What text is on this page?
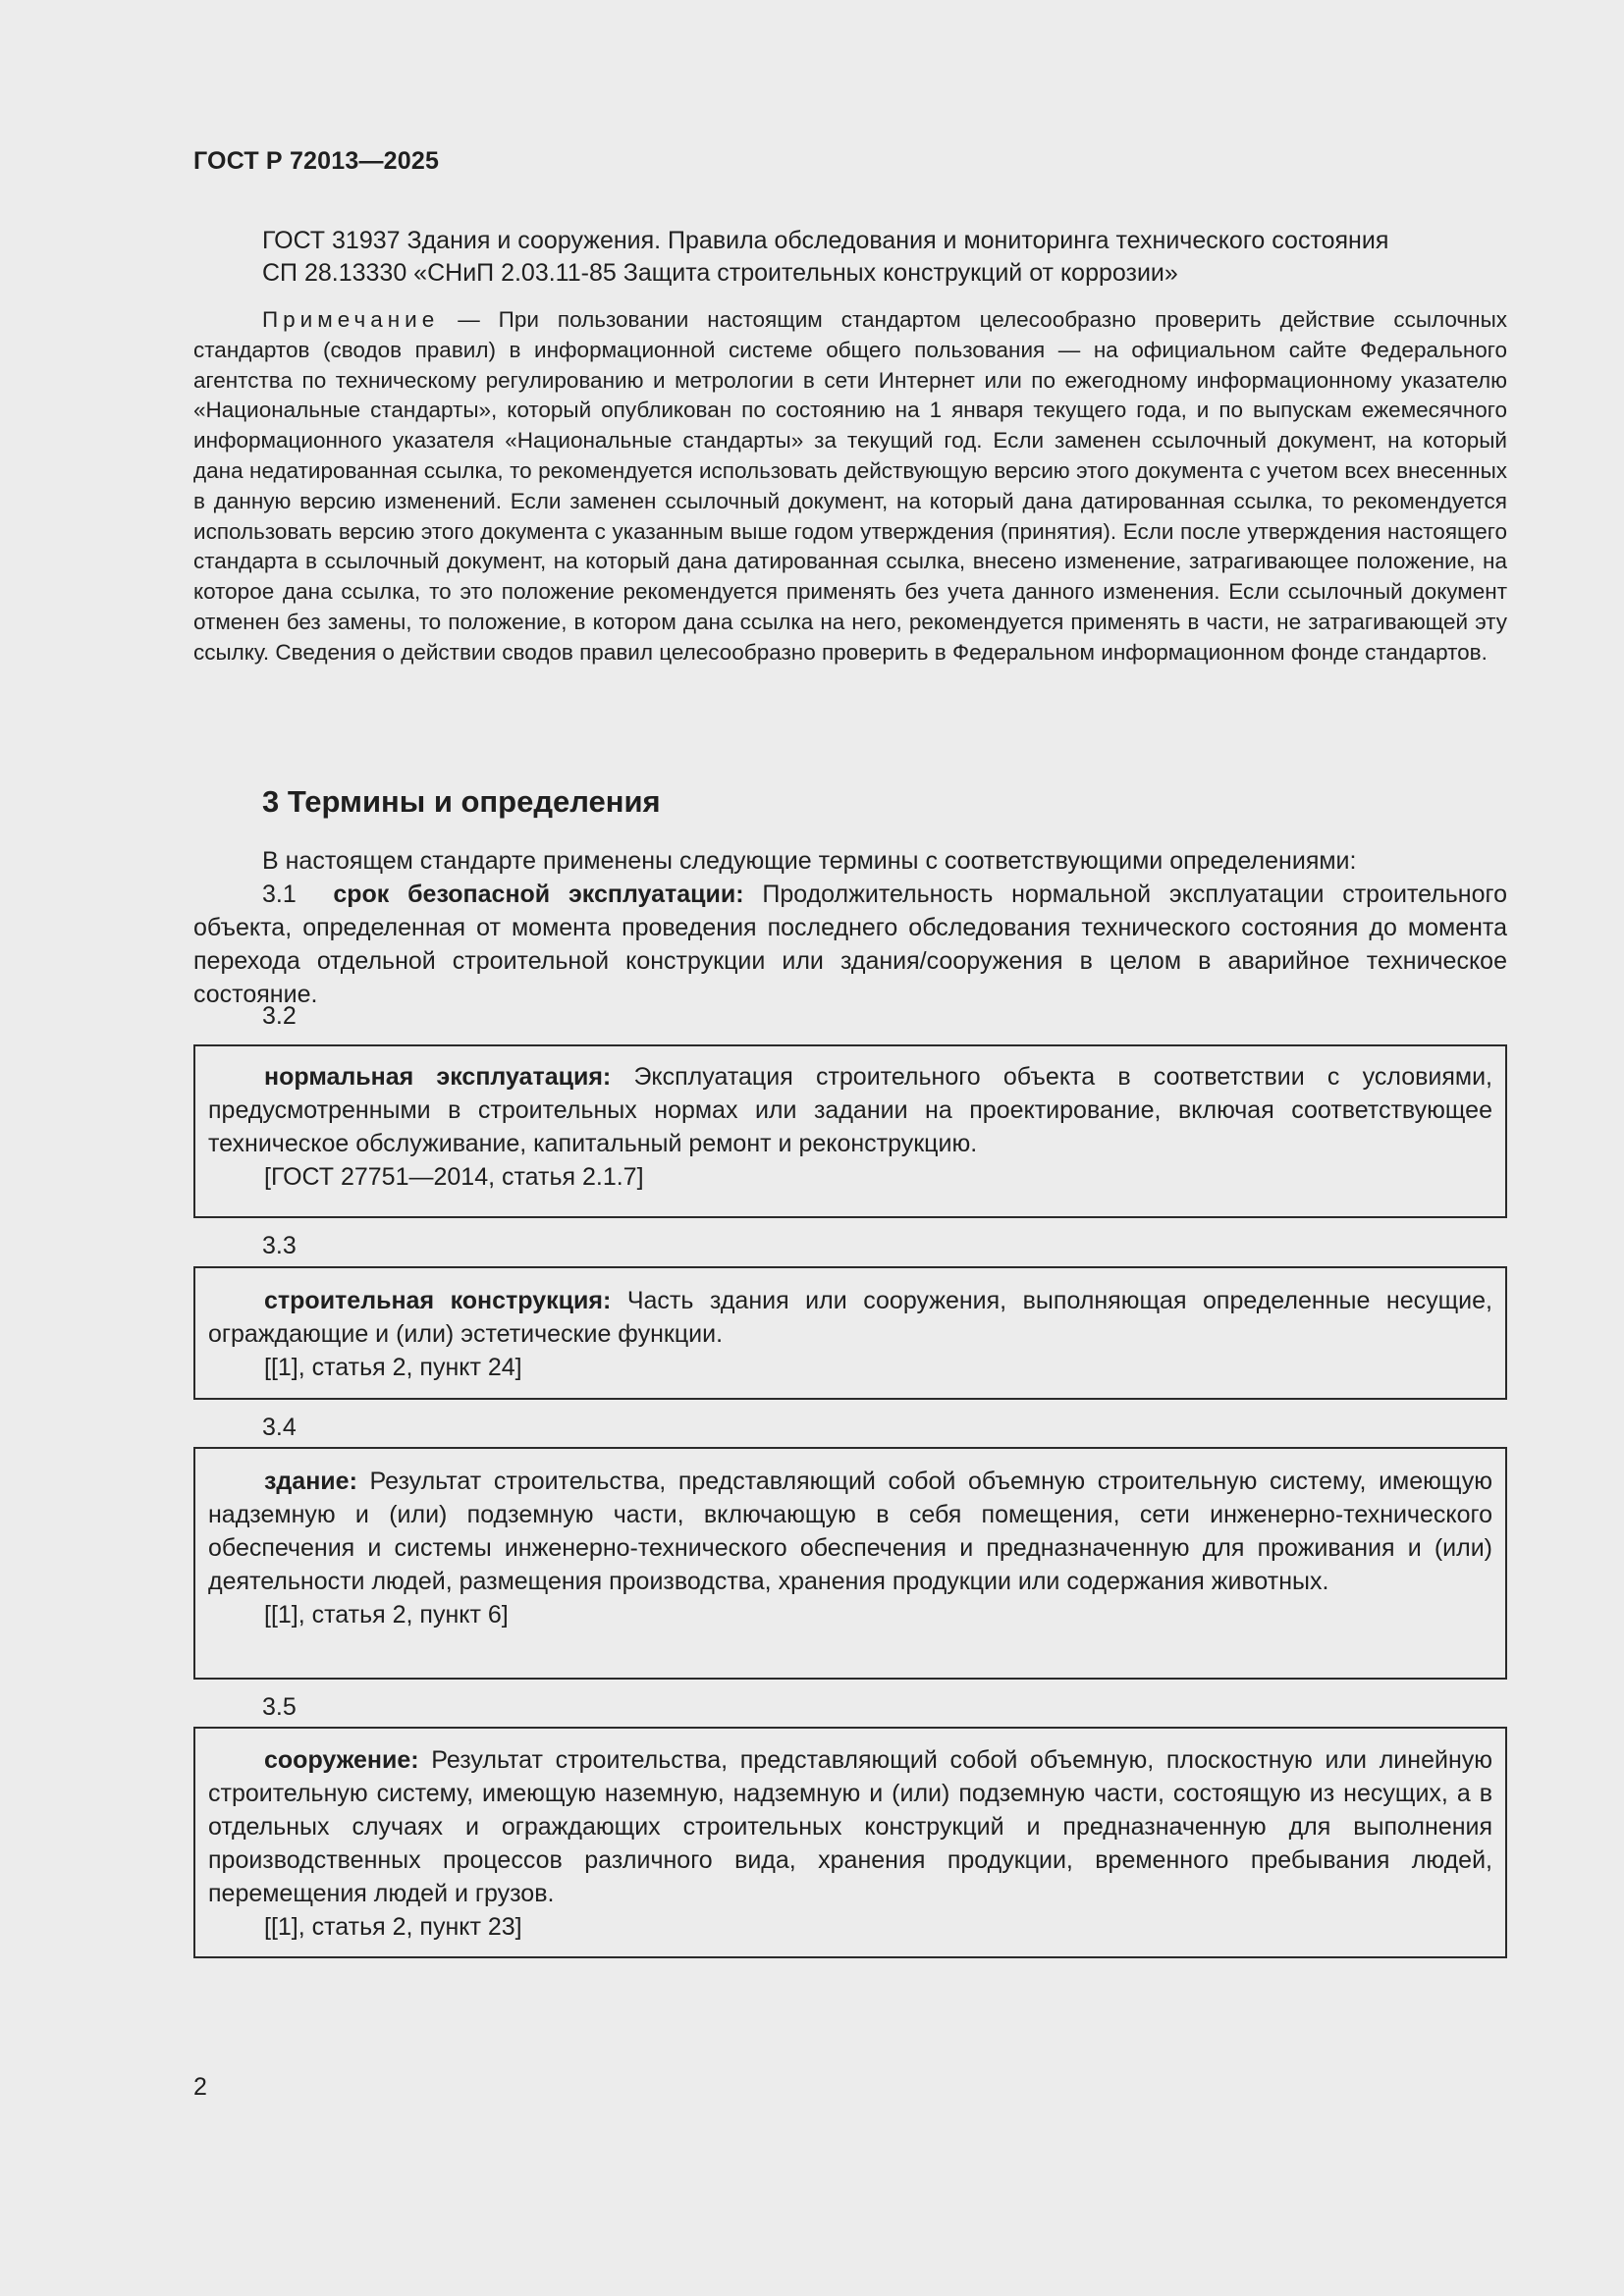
ГОСТ Р 72013—2025
ГОСТ 31937 Здания и сооружения. Правила обследования и мониторинга технического состояния
СП 28.13330 «СНиП 2.03.11-85 Защита строительных конструкций от коррозии»
Примечание — При пользовании настоящим стандартом целесообразно проверить действие ссылочных стандартов (сводов правил) в информационной системе общего пользования — на официальном сайте Федерального агентства по техническому регулированию и метрологии в сети Интернет или по ежегодному информационному указателю «Национальные стандарты», который опубликован по состоянию на 1 января текущего года, и по выпускам ежемесячного информационного указателя «Национальные стандарты» за текущий год. Если заменен ссылочный документ, на который дана недатированная ссылка, то рекомендуется использовать действующую версию этого документа с учетом всех внесенных в данную версию изменений. Если заменен ссылочный документ, на который дана датированная ссылка, то рекомендуется использовать версию этого документа с указанным выше годом утверждения (принятия). Если после утверждения настоящего стандарта в ссылочный документ, на который дана датированная ссылка, внесено изменение, затрагивающее положение, на которое дана ссылка, то это положение рекомендуется применять без учета данного изменения. Если ссылочный документ отменен без замены, то положение, в котором дана ссылка на него, рекомендуется применять в части, не затрагивающей эту ссылку. Сведения о действии сводов правил целесообразно проверить в Федеральном информационном фонде стандартов.
3 Термины и определения
В настоящем стандарте применены следующие термины с соответствующими определениями:
3.1 срок безопасной эксплуатации: Продолжительность нормальной эксплуатации строительного объекта, определенная от момента проведения последнего обследования технического состояния до момента перехода отдельной строительной конструкции или здания/сооружения в целом в аварийное техническое состояние.
3.2
нормальная эксплуатация: Эксплуатация строительного объекта в соответствии с условиями, предусмотренными в строительных нормах или задании на проектирование, включая соответствующее техническое обслуживание, капитальный ремонт и реконструкцию.
[ГОСТ 27751—2014, статья 2.1.7]
3.3
строительная конструкция: Часть здания или сооружения, выполняющая определенные несущие, ограждающие и (или) эстетические функции.
[[1], статья 2, пункт 24]
3.4
здание: Результат строительства, представляющий собой объемную строительную систему, имеющую надземную и (или) подземную части, включающую в себя помещения, сети инженерно-технического обеспечения и системы инженерно-технического обеспечения и предназначенную для проживания и (или) деятельности людей, размещения производства, хранения продукции или содержания животных.
[[1], статья 2, пункт 6]
3.5
сооружение: Результат строительства, представляющий собой объемную, плоскостную или линейную строительную систему, имеющую наземную, надземную и (или) подземную части, состоящую из несущих, а в отдельных случаях и ограждающих строительных конструкций и предназначенную для выполнения производственных процессов различного вида, хранения продукции, временного пребывания людей, перемещения людей и грузов.
[[1], статья 2, пункт 23]
2
